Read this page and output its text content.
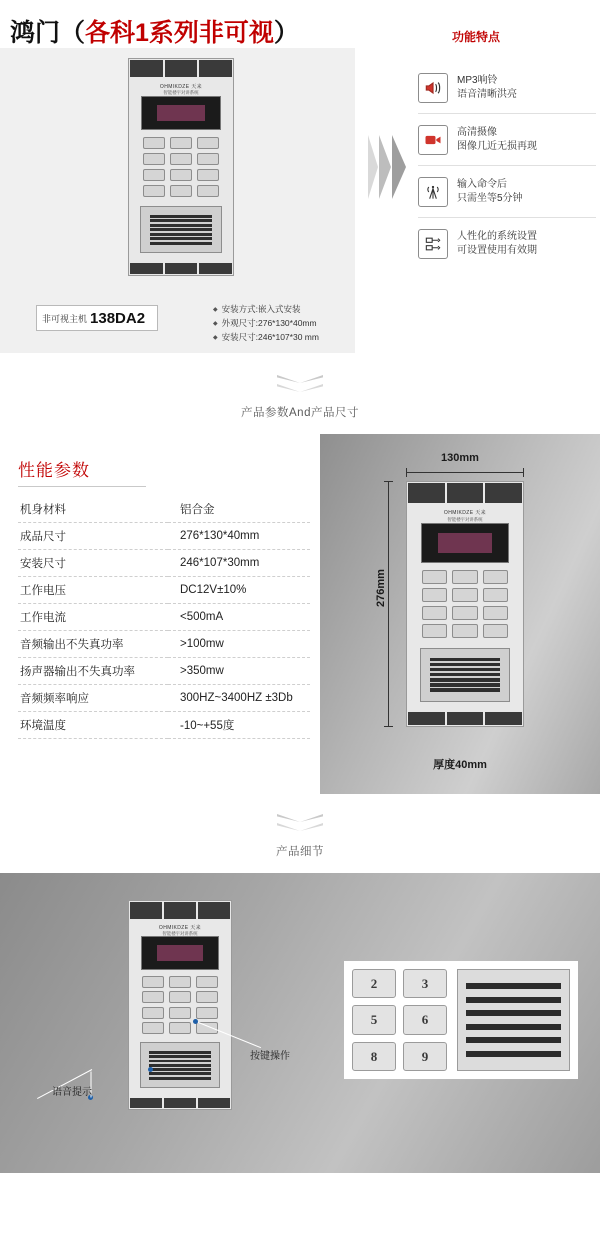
鸿门（各科1系列非可视）
OHMIKDZE 天来
智能楼宇对讲系统
非可视主机 138DA2
◆ 安装方式:嵌入式安装
◆ 外观尺寸:276*130*40mm
◆ 安装尺寸:246*107*30 mm
功能特点
MP3响铃
语音清晰洪亮
高清摄像
图像几近无损再现
输入命令后
只需坐等5分钟
人性化的系统设置
可设置使用有效期
产品参数And产品尺寸
性能参数
机身材料	铝合金
成品尺寸	276*130*40mm
安装尺寸	246*107*30mm
工作电压	DC12V±10%
工作电流	<500mA
音频输出不失真功率	>100mw
扬声器输出不失真功率	>350mw
音频频率响应	300HZ~3400HZ ±3Db
环境温度	-10~+55度
130mm
276mm
OHMIKDZE 天来
智能楼宇对讲系统
厚度40mm
产品细节
OHMIKDZE 天来
智能楼宇对讲系统
2	3
5	6
8	9
按键操作
语音提示
